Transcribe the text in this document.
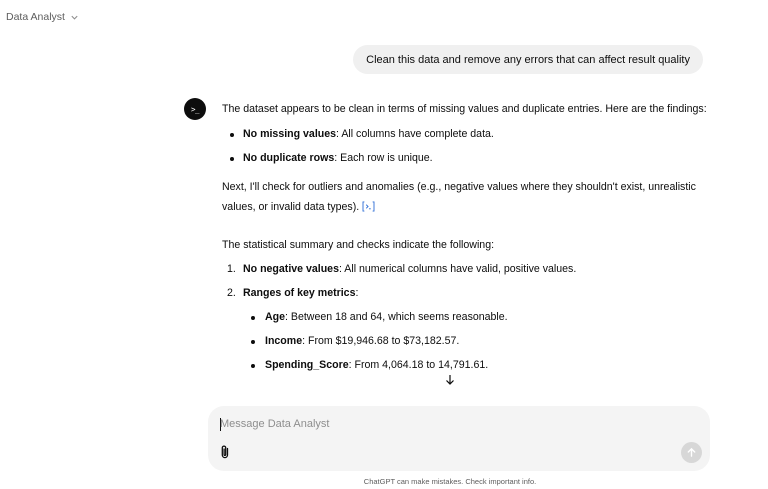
Data Analyst
Clean this data and remove any errors that can affect result quality
>_ The dataset appears to be clean in terms of missing values and duplicate entries. Here are the findings:

No missing values: All columns have complete data.
No duplicate rows: Each row is unique.

Next, I'll check for outliers and anomalies (e.g., negative values where they shouldn't exist, unrealistic values, or invalid data types).

The statistical summary and checks indicate the following:

1. No negative values: All numerical columns have valid, positive values.
2. Ranges of key metrics:
Age: Between 18 and 64, which seems reasonable.
Income: From $19,946.68 to $73,182.57.
Spending_Score: From 4,064.18 to 14,791.61.
Message Data Analyst
ChatGPT can make mistakes. Check important info.
